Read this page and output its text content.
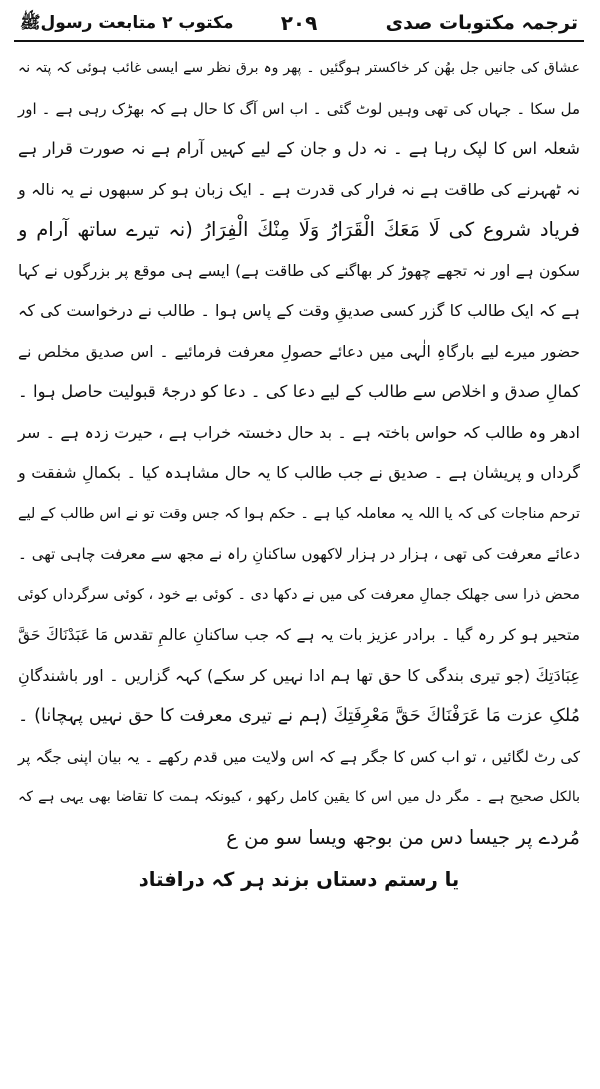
ترجمہ مکتوبات صدی
۲۰۹
مکتوب ۲ متابعت رسولﷺ
عشاق کی جانیں جل بھُن کر خاکستر ہوگئیں ۔ پھر وہ برق نظر سے ایسی غائب ہوئی کہ پتہ نہ
مل سکا ۔ جہاں کی تھی وہیں لوٹ گئی ۔ اب اس آگ کا حال ہے کہ بھڑک رہی ہے ۔ اور
شعلہ اس کا لپک رہا ہے ۔ نہ دل و جان کے لیے کہیں آرام ہے نہ صورت قرار ہے
نہ ٹھہرنے کی طاقت ہے نہ فرار کی قدرت ہے ۔ ایک زبان ہو کر سبھوں نے یہ نالہ و
فریاد شروع کی لَا مَعَكَ الْقَرَارُ وَلَا مِنْكَ الْفِرَارُ (نہ تیرے ساتھ آرام و
سکون ہے اور نہ تجھے چھوڑ کر بھاگنے کی طاقت ہے) ایسے ہی موقع پر بزرگوں نے کہا
ہے کہ ایک طالب کا گزر کسی صدیقِ وقت کے پاس ہوا ۔ طالب نے درخواست کی کہ
حضور میرے لیے بارگاہِ الٰہی میں دعائے حصولِ معرفت فرمائیے ۔ اس صدیق مخلص نے
کمالِ صدق و اخلاص سے طالب کے لیے دعا کی ۔ دعا کو درجۂ قبولیت حاصل ہوا ۔
ادھر وہ طالب کہ حواس باختہ ہے ۔ بد حال دخستہ خراب ہے ، حیرت زدہ ہے ۔ سر
گرداں و پریشان ہے ۔ صدیق نے جب طالب کا یہ حال مشاہدہ کیا ۔ بکمالِ شفقت و
ترحم مناجات کی کہ یا اللہ یہ معاملہ کیا ہے ۔ حکم ہوا کہ جس وقت تو نے اس طالب کے لیے
دعائے معرفت کی تھی ، ہزار در ہزار لاکھوں ساکنانِ راہ نے مجھ سے معرفت چاہی تھی ۔
محض ذرا سی جھلک جمالِ معرفت کی میں نے دکھا دی ۔ کوئی بے خود ، کوئی سرگرداں کوئی
متحیر ہو کر رہ گیا ۔ برادر عزیز بات یہ ہے کہ جب ساکنانِ عالمِ تقدس مَا عَبَدْنَاكَ حَقَّ
عِبَادَتِكَ (جو تیری بندگی کا حق تھا ہم ادا نہیں کر سکے) کہہ گزاریں ۔ اور باشندگانِ
مُلکِ عزت مَا عَرَفْنَاكَ حَقَّ مَعْرِفَتِكَ (ہم نے تیری معرفت کا حق نہیں پہچانا) ۔
کی رٹ لگائیں ، تو اب کس کا جگر ہے کہ اس ولایت میں قدم رکھے ۔ یہ بیان اپنی جگہ پر
بالکل صحیح ہے ۔ مگر دل میں اس کا یقین کامل رکھو ، کیونکہ ہمت کا تقاضا بھی یہی ہے کہ
مُردے پر جیسا دس من بوجھ ویسا سو من ع
یا رستم دستاں بزند ہر کہ درافتاد
